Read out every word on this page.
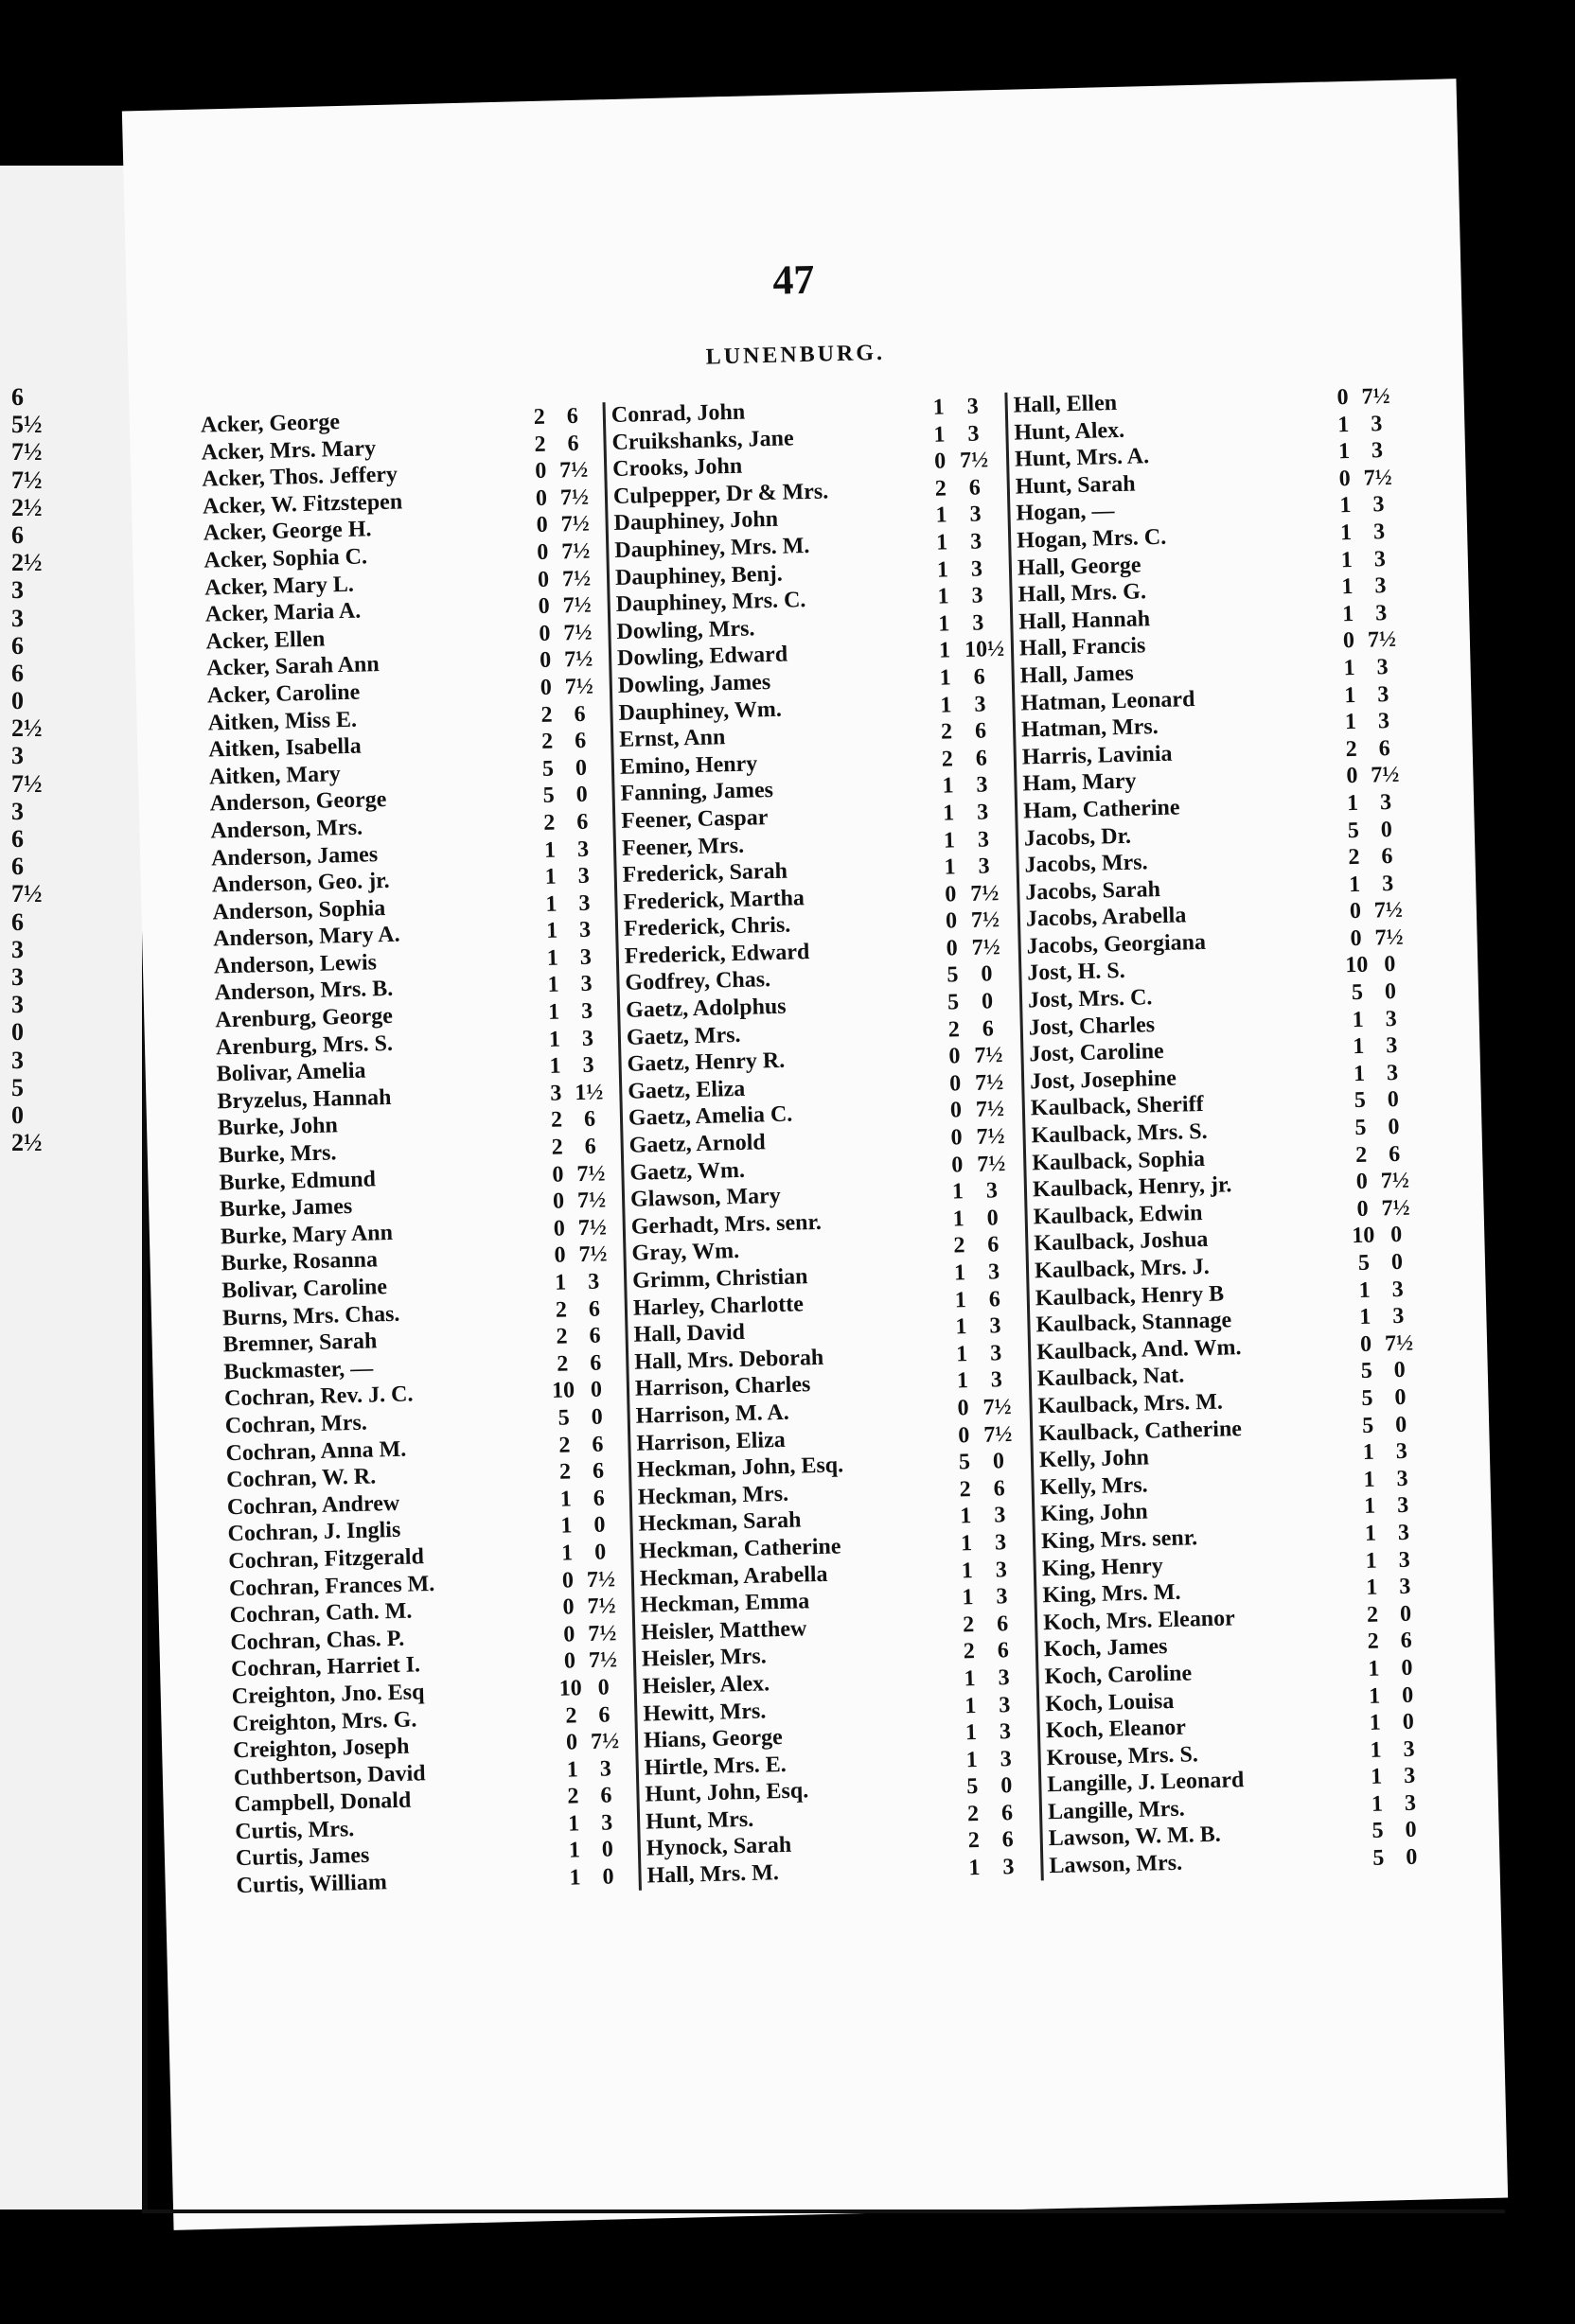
6
5½
7½
7½
2½
6
2½
3
3
6
6
0
2½
3
7½
3
6
6
7½
6
3
3
3
0
3
5
0
2½
47
LUNENBURG.
Acker, George	2 6
Acker, Mrs. Mary	2 6
Acker, Thos. Jeffery	0 7½
Acker, W. Fitzstepen	0 7½
Acker, George H.	0 7½
Acker, Sophia C.	0 7½
Acker, Mary L.	0 7½
Acker, Maria A.	0 7½
Acker, Ellen	0 7½
Acker, Sarah Ann	0 7½
Acker, Caroline	0 7½
Aitken, Miss E.	2 6
Aitken, Isabella	2 6
Aitken, Mary	5 0
Anderson, George	5 0
Anderson, Mrs.	2 6
Anderson, James	1 3
Anderson, Geo. jr.	1 3
Anderson, Sophia	1 3
Anderson, Mary A.	1 3
Anderson, Lewis	1 3
Anderson, Mrs. B.	1 3
Arenburg, George	1 3
Arenburg, Mrs. S.	1 3
Bolivar, Amelia	1 3
Bryzelus, Hannah	3 1½
Burke, John	2 6
Burke, Mrs.	2 6
Burke, Edmund	0 7½
Burke, James	0 7½
Burke, Mary Ann	0 7½
Burke, Rosanna	0 7½
Bolivar, Caroline	1 3
Burns, Mrs. Chas.	2 6
Bremner, Sarah	2 6
Buckmaster, —	2 6
Cochran, Rev. J. C.	10 0
Cochran, Mrs.	5 0
Cochran, Anna M.	2 6
Cochran, W. R.	2 6
Cochran, Andrew	1 6
Cochran, J. Inglis	1 0
Cochran, Fitzgerald	1 0
Cochran, Frances M.	0 7½
Cochran, Cath. M.	0 7½
Cochran, Chas. P.	0 7½
Cochran, Harriet I.	0 7½
Creighton, Jno. Esq	10 0
Creighton, Mrs. G.	2 6
Creighton, Joseph	0 7½
Cuthbertson, David	1 3
Campbell, Donald	2 6
Curtis, Mrs.	1 3
Curtis, James	1 0
Curtis, William	1 0
Conrad, John	1 3
Cruikshanks, Jane	1 3
Crooks, John	0 7½
Culpepper, Dr & Mrs.	2 6
Dauphiney, John	1 3
Dauphiney, Mrs. M.	1 3
Dauphiney, Benj.	1 3
Dauphiney, Mrs. C.	1 3
Dowling, Mrs.	1 3
Dowling, Edward	1 10½
Dowling, James	1 6
Dauphiney, Wm.	1 3
Ernst, Ann	2 6
Emino, Henry	2 6
Fanning, James	1 3
Feener, Caspar	1 3
Feener, Mrs.	1 3
Frederick, Sarah	1 3
Frederick, Martha	0 7½
Frederick, Chris.	0 7½
Frederick, Edward	0 7½
Godfrey, Chas.	5 0
Gaetz, Adolphus	5 0
Gaetz, Mrs.	2 6
Gaetz, Henry R.	0 7½
Gaetz, Eliza	0 7½
Gaetz, Amelia C.	0 7½
Gaetz, Arnold	0 7½
Gaetz, Wm.	0 7½
Glawson, Mary	1 3
Gerhadt, Mrs. senr.	1 0
Gray, Wm.	2 6
Grimm, Christian	1 3
Harley, Charlotte	1 6
Hall, David	1 3
Hall, Mrs. Deborah	1 3
Harrison, Charles	1 3
Harrison, M. A.	0 7½
Harrison, Eliza	0 7½
Heckman, John, Esq.	5 0
Heckman, Mrs.	2 6
Heckman, Sarah	1 3
Heckman, Catherine	1 3
Heckman, Arabella	1 3
Heckman, Emma	1 3
Heisler, Matthew	2 6
Heisler, Mrs.	2 6
Heisler, Alex.	1 3
Hewitt, Mrs.	1 3
Hians, George	1 3
Hirtle, Mrs. E.	1 3
Hunt, John, Esq.	5 0
Hunt, Mrs.	2 6
Hynock, Sarah	2 6
Hall, Mrs. M.	1 3
Hall, Ellen	0 7½
Hunt, Alex.	1 3
Hunt, Mrs. A.	1 3
Hunt, Sarah	0 7½
Hogan, —	1 3
Hogan, Mrs. C.	1 3
Hall, George	1 3
Hall, Mrs. G.	1 3
Hall, Hannah	1 3
Hall, Francis	0 7½
Hall, James	1 3
Hatman, Leonard	1 3
Hatman, Mrs.	1 3
Harris, Lavinia	2 6
Ham, Mary	0 7½
Ham, Catherine	1 3
Jacobs, Dr.	5 0
Jacobs, Mrs.	2 6
Jacobs, Sarah	1 3
Jacobs, Arabella	0 7½
Jacobs, Georgiana	0 7½
Jost, H. S.	10 0
Jost, Mrs. C.	5 0
Jost, Charles	1 3
Jost, Caroline	1 3
Jost, Josephine	1 3
Kaulback, Sheriff	5 0
Kaulback, Mrs. S.	5 0
Kaulback, Sophia	2 6
Kaulback, Henry, jr.	0 7½
Kaulback, Edwin	0 7½
Kaulback, Joshua	10 0
Kaulback, Mrs. J.	5 0
Kaulback, Henry B	1 3
Kaulback, Stannage	1 3
Kaulback, And. Wm.	0 7½
Kaulback, Nat.	5 0
Kaulback, Mrs. M.	5 0
Kaulback, Catherine	5 0
Kelly, John	1 3
Kelly, Mrs.	1 3
King, John	1 3
King, Mrs. senr.	1 3
King, Henry	1 3
King, Mrs. M.	1 3
Koch, Mrs. Eleanor	2 0
Koch, James	2 6
Koch, Caroline	1 0
Koch, Louisa	1 0
Koch, Eleanor	1 0
Krouse, Mrs. S.	1 3
Langille, J. Leonard	1 3
Langille, Mrs.	1 3
Lawson, W. M. B.	5 0
Lawson, Mrs.	5 0
